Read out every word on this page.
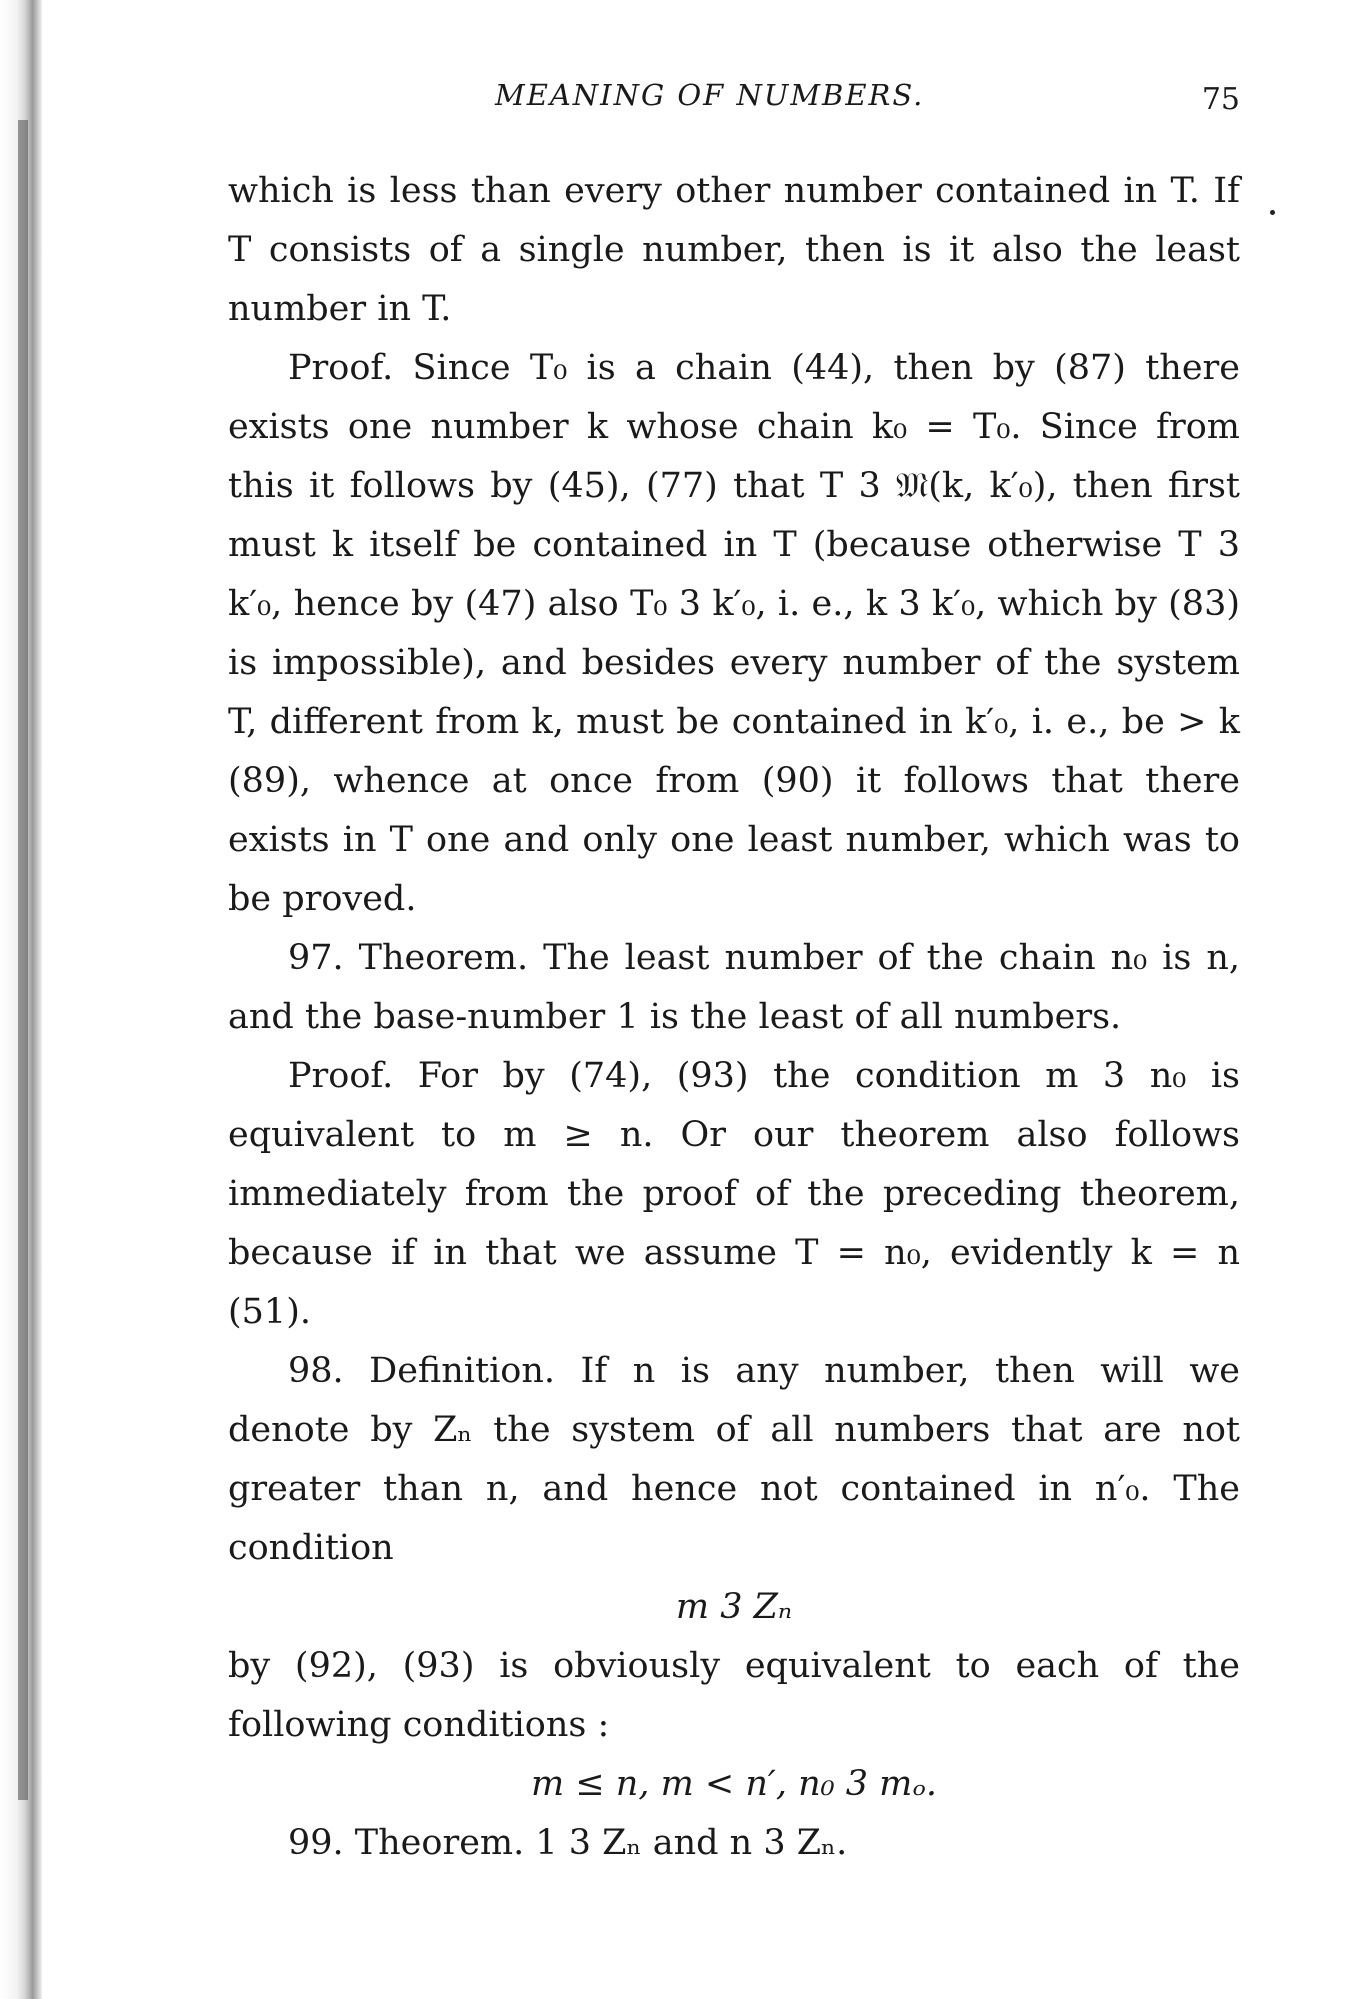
MEANING OF NUMBERS.	75

which is less than every other number contained in T. If T consists of a single number, then is it also the least number in T.

Proof. Since T₀ is a chain (44), then by (87) there exists one number k whose chain k₀ = T₀. Since from this it follows by (45), (77) that T 3 𝔐(k, k′₀), then first must k itself be contained in T (because otherwise T 3 k′₀, hence by (47) also T₀ 3 k′₀, i. e., k 3 k′₀, which by (83) is impossible), and besides every number of the system T, different from k, must be contained in k′₀, i. e., be > k (89), whence at once from (90) it follows that there exists in T one and only one least number, which was to be proved.

97. Theorem. The least number of the chain n₀ is n, and the base-number 1 is the least of all numbers.

Proof. For by (74), (93) the condition m 3 n₀ is equivalent to m ≥ n. Or our theorem also follows immediately from the proof of the preceding theorem, because if in that we assume T = n₀, evidently k = n (51).

98. Definition. If n is any number, then will we denote by Zₙ the system of all numbers that are not greater than n, and hence not contained in n′₀. The condition

m 3 Zₙ

by (92), (93) is obviously equivalent to each of the following conditions :

m ≤ n, m < n′, n₀ 3 mₒ.

99. Theorem. 1 3 Zₙ and n 3 Zₙ.
